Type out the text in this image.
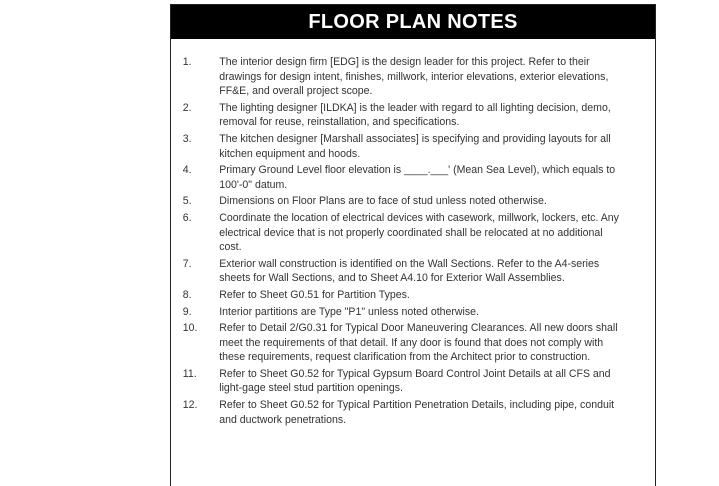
FLOOR PLAN NOTES
1.	The interior design firm [EDG] is the design leader for this project. Refer to their drawings for design intent, finishes, millwork, interior elevations, exterior elevations, FF&E, and overall project scope.
2.	The lighting designer [ILDKA] is the leader with regard to all lighting decision, demo, removal for reuse, reinstallation, and specifications.
3.	The kitchen designer [Marshall associates] is specifying and providing layouts for all kitchen equipment and hoods.
4.	Primary Ground Level floor elevation is ____.___' (Mean Sea Level), which equals to 100'-0" datum.
5.	Dimensions on Floor Plans are to face of stud unless noted otherwise.
6.	Coordinate the location of electrical devices with casework, millwork, lockers, etc. Any electrical device that is not properly coordinated shall be relocated at no additional cost.
7.	Exterior wall construction is identified on the Wall Sections. Refer to the A4-series sheets for Wall Sections, and to Sheet A4.10 for Exterior Wall Assemblies.
8.	Refer to Sheet G0.51 for Partition Types.
9.	Interior partitions are Type "P1" unless noted otherwise.
10.	Refer to Detail 2/G0.31 for Typical Door Maneuvering Clearances. All new doors shall meet the requirements of that detail. If any door is found that does not comply with these requirements, request clarification from the Architect prior to construction.
11.	Refer to Sheet G0.52 for Typical Gypsum Board Control Joint Details at all CFS and light-gage steel stud partition openings.
12.	Refer to Sheet G0.52 for Typical Partition Penetration Details, including pipe, conduit and ductwork penetrations.
